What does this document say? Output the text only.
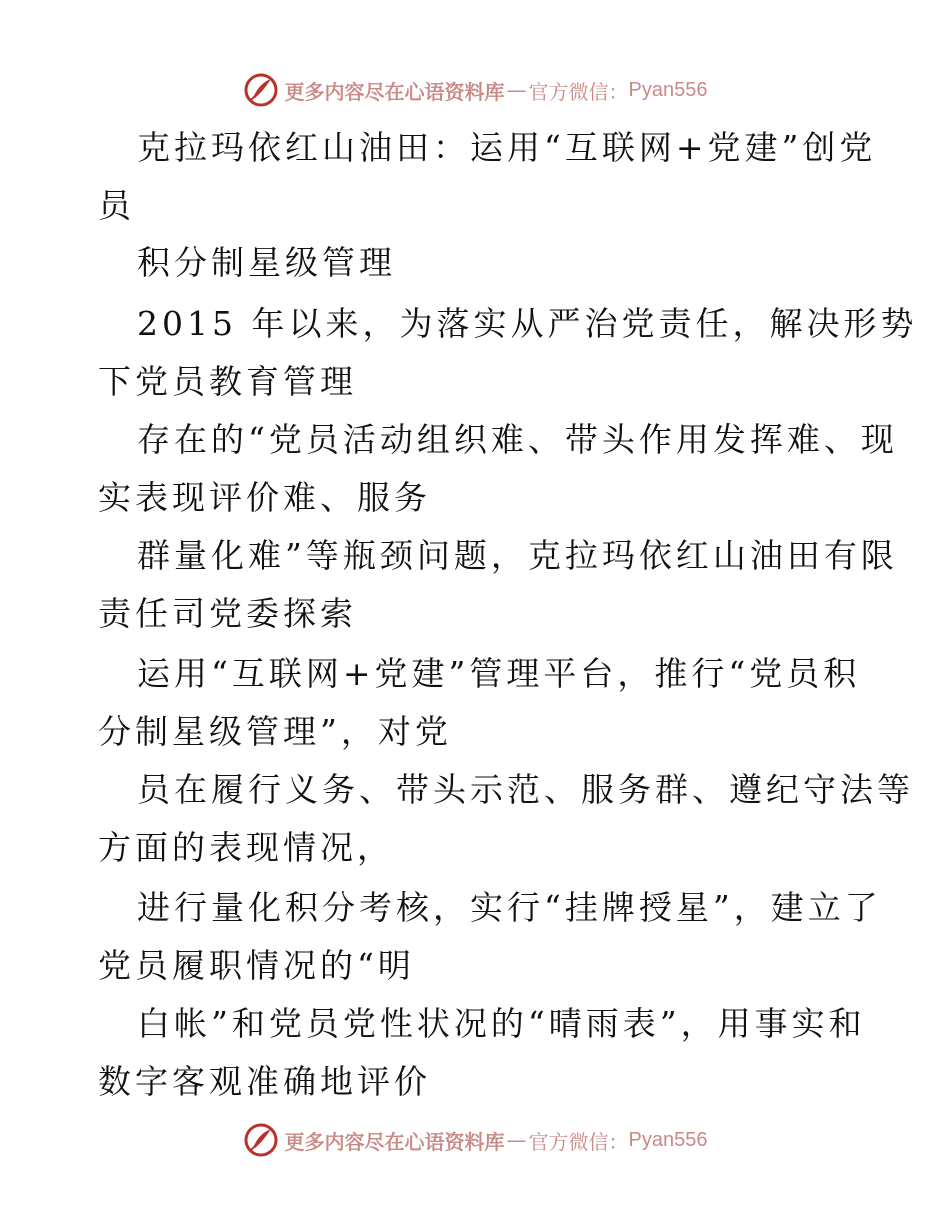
更多内容尽在心语资料库 — 官方微信： Pyan556
克拉玛依红山油田：运用“互联网+党建”创党
员
积分制星级管理
2015 年以来，为落实从严治党责任，解决形势
下党员教育管理
存在的“党员活动组织难、带头作用发挥难、现
实表现评价难、服务
群量化难”等瓶颈问题，克拉玛依红山油田有限
责任司党委探索
运用“互联网+党建”管理平台，推行“党员积
分制星级管理”，对党
员在履行义务、带头示范、服务群、遵纪守法等
方面的表现情况，
进行量化积分考核，实行“挂牌授星”，建立了
党员履职情况的“明
白帐”和党员党性状况的“晴雨表”，用事实和
数字客观准确地评价
更多内容尽在心语资料库 — 官方微信： Pyan556
